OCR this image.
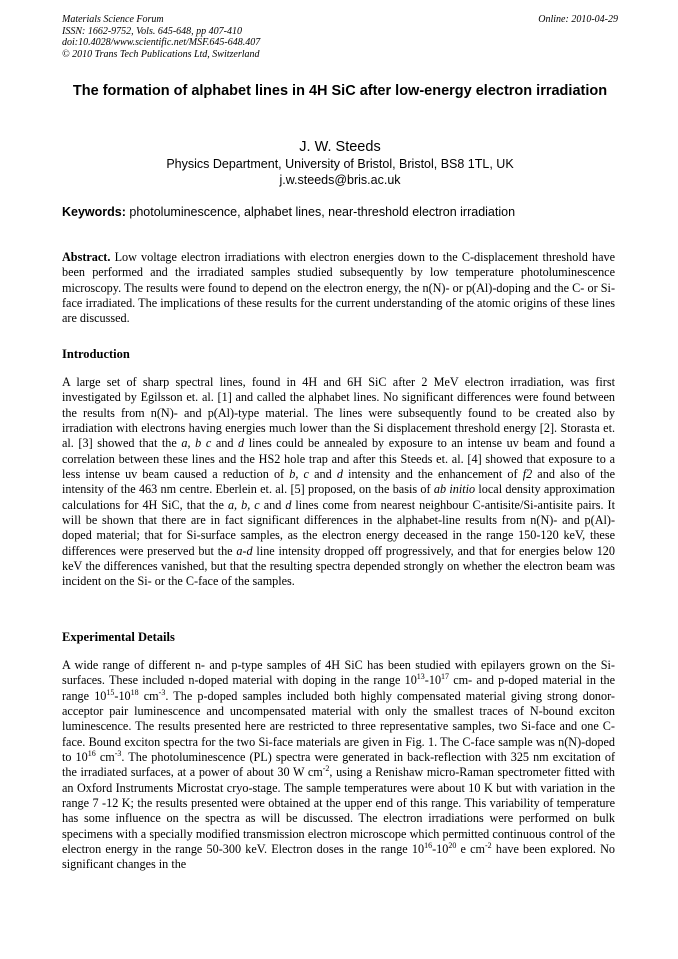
Materials Science Forum
ISSN: 1662-9752, Vols. 645-648, pp 407-410
doi:10.4028/www.scientific.net/MSF.645-648.407
© 2010 Trans Tech Publications Ltd, Switzerland
Online: 2010-04-29
The formation of alphabet lines in 4H SiC after low-energy electron irradiation
J. W. Steeds
Physics Department, University of Bristol, Bristol, BS8 1TL, UK
j.w.steeds@bris.ac.uk
Keywords: photoluminescence, alphabet lines, near-threshold electron irradiation
Abstract. Low voltage electron irradiations with electron energies down to the C-displacement threshold have been performed and the irradiated samples studied subsequently by low temperature photoluminescence microscopy. The results were found to depend on the electron energy, the n(N)- or p(Al)-doping and the C- or Si-face irradiated. The implications of these results for the current understanding of the atomic origins of these lines are discussed.
Introduction
A large set of sharp spectral lines, found in 4H and 6H SiC after 2 MeV electron irradiation, was first investigated by Egilsson et. al. [1] and called the alphabet lines. No significant differences were found between the results from n(N)- and p(Al)-type material. The lines were subsequently found to be created also by irradiation with electrons having energies much lower than the Si displacement threshold energy [2]. Storasta et. al. [3] showed that the a, b c and d lines could be annealed by exposure to an intense uv beam and found a correlation between these lines and the HS2 hole trap and after this Steeds et. al. [4] showed that exposure to a less intense uv beam caused a reduction of b, c and d intensity and the enhancement of f2 and also of the intensity of the 463 nm centre. Eberlein et. al. [5] proposed, on the basis of ab initio local density approximation calculations for 4H SiC, that the a, b, c and d lines come from nearest neighbour C-antisite/Si-antisite pairs. It will be shown that there are in fact significant differences in the alphabet-line results from n(N)- and p(Al)-doped material; that for Si-surface samples, as the electron energy deceased in the range 150-120 keV, these differences were preserved but the a-d line intensity dropped off progressively, and that for energies below 120 keV the differences vanished, but that the resulting spectra depended strongly on whether the electron beam was incident on the Si- or the C-face of the samples.
Experimental Details
A wide range of different n- and p-type samples of 4H SiC has been studied with epilayers grown on the Si-surfaces. These included n-doped material with doping in the range $10^{13}-10^{17}$ cm- and p-doped material in the range $10^{15}-10^{18}$ $cm^{-3}$. The p-doped samples included both highly compensated material giving strong donor-acceptor pair luminescence and uncompensated material with only the smallest traces of N-bound exciton luminescence. The results presented here are restricted to three representative samples, two Si-face and one C-face. Bound exciton spectra for the two Si-face materials are given in Fig. 1. The C-face sample was n(N)-doped to $10^{16}$ $cm^{-3}$. The photoluminescence (PL) spectra were generated in back-reflection with 325 nm excitation of the irradiated surfaces, at a power of about 30 W $cm^{-2}$, using a Renishaw micro-Raman spectrometer fitted with an Oxford Instruments Microstat cryo-stage. The sample temperatures were about 10 K but with variation in the range 7 -12 K; the results presented were obtained at the upper end of this range. This variability of temperature has some influence on the spectra as will be discussed. The electron irradiations were performed on bulk specimens with a specially modified transmission electron microscope which permitted continuous control of the electron energy in the range 50-300 keV. Electron doses in the range $10^{16}-10^{20}$ e $cm^{-2}$ have been explored. No significant changes in the
